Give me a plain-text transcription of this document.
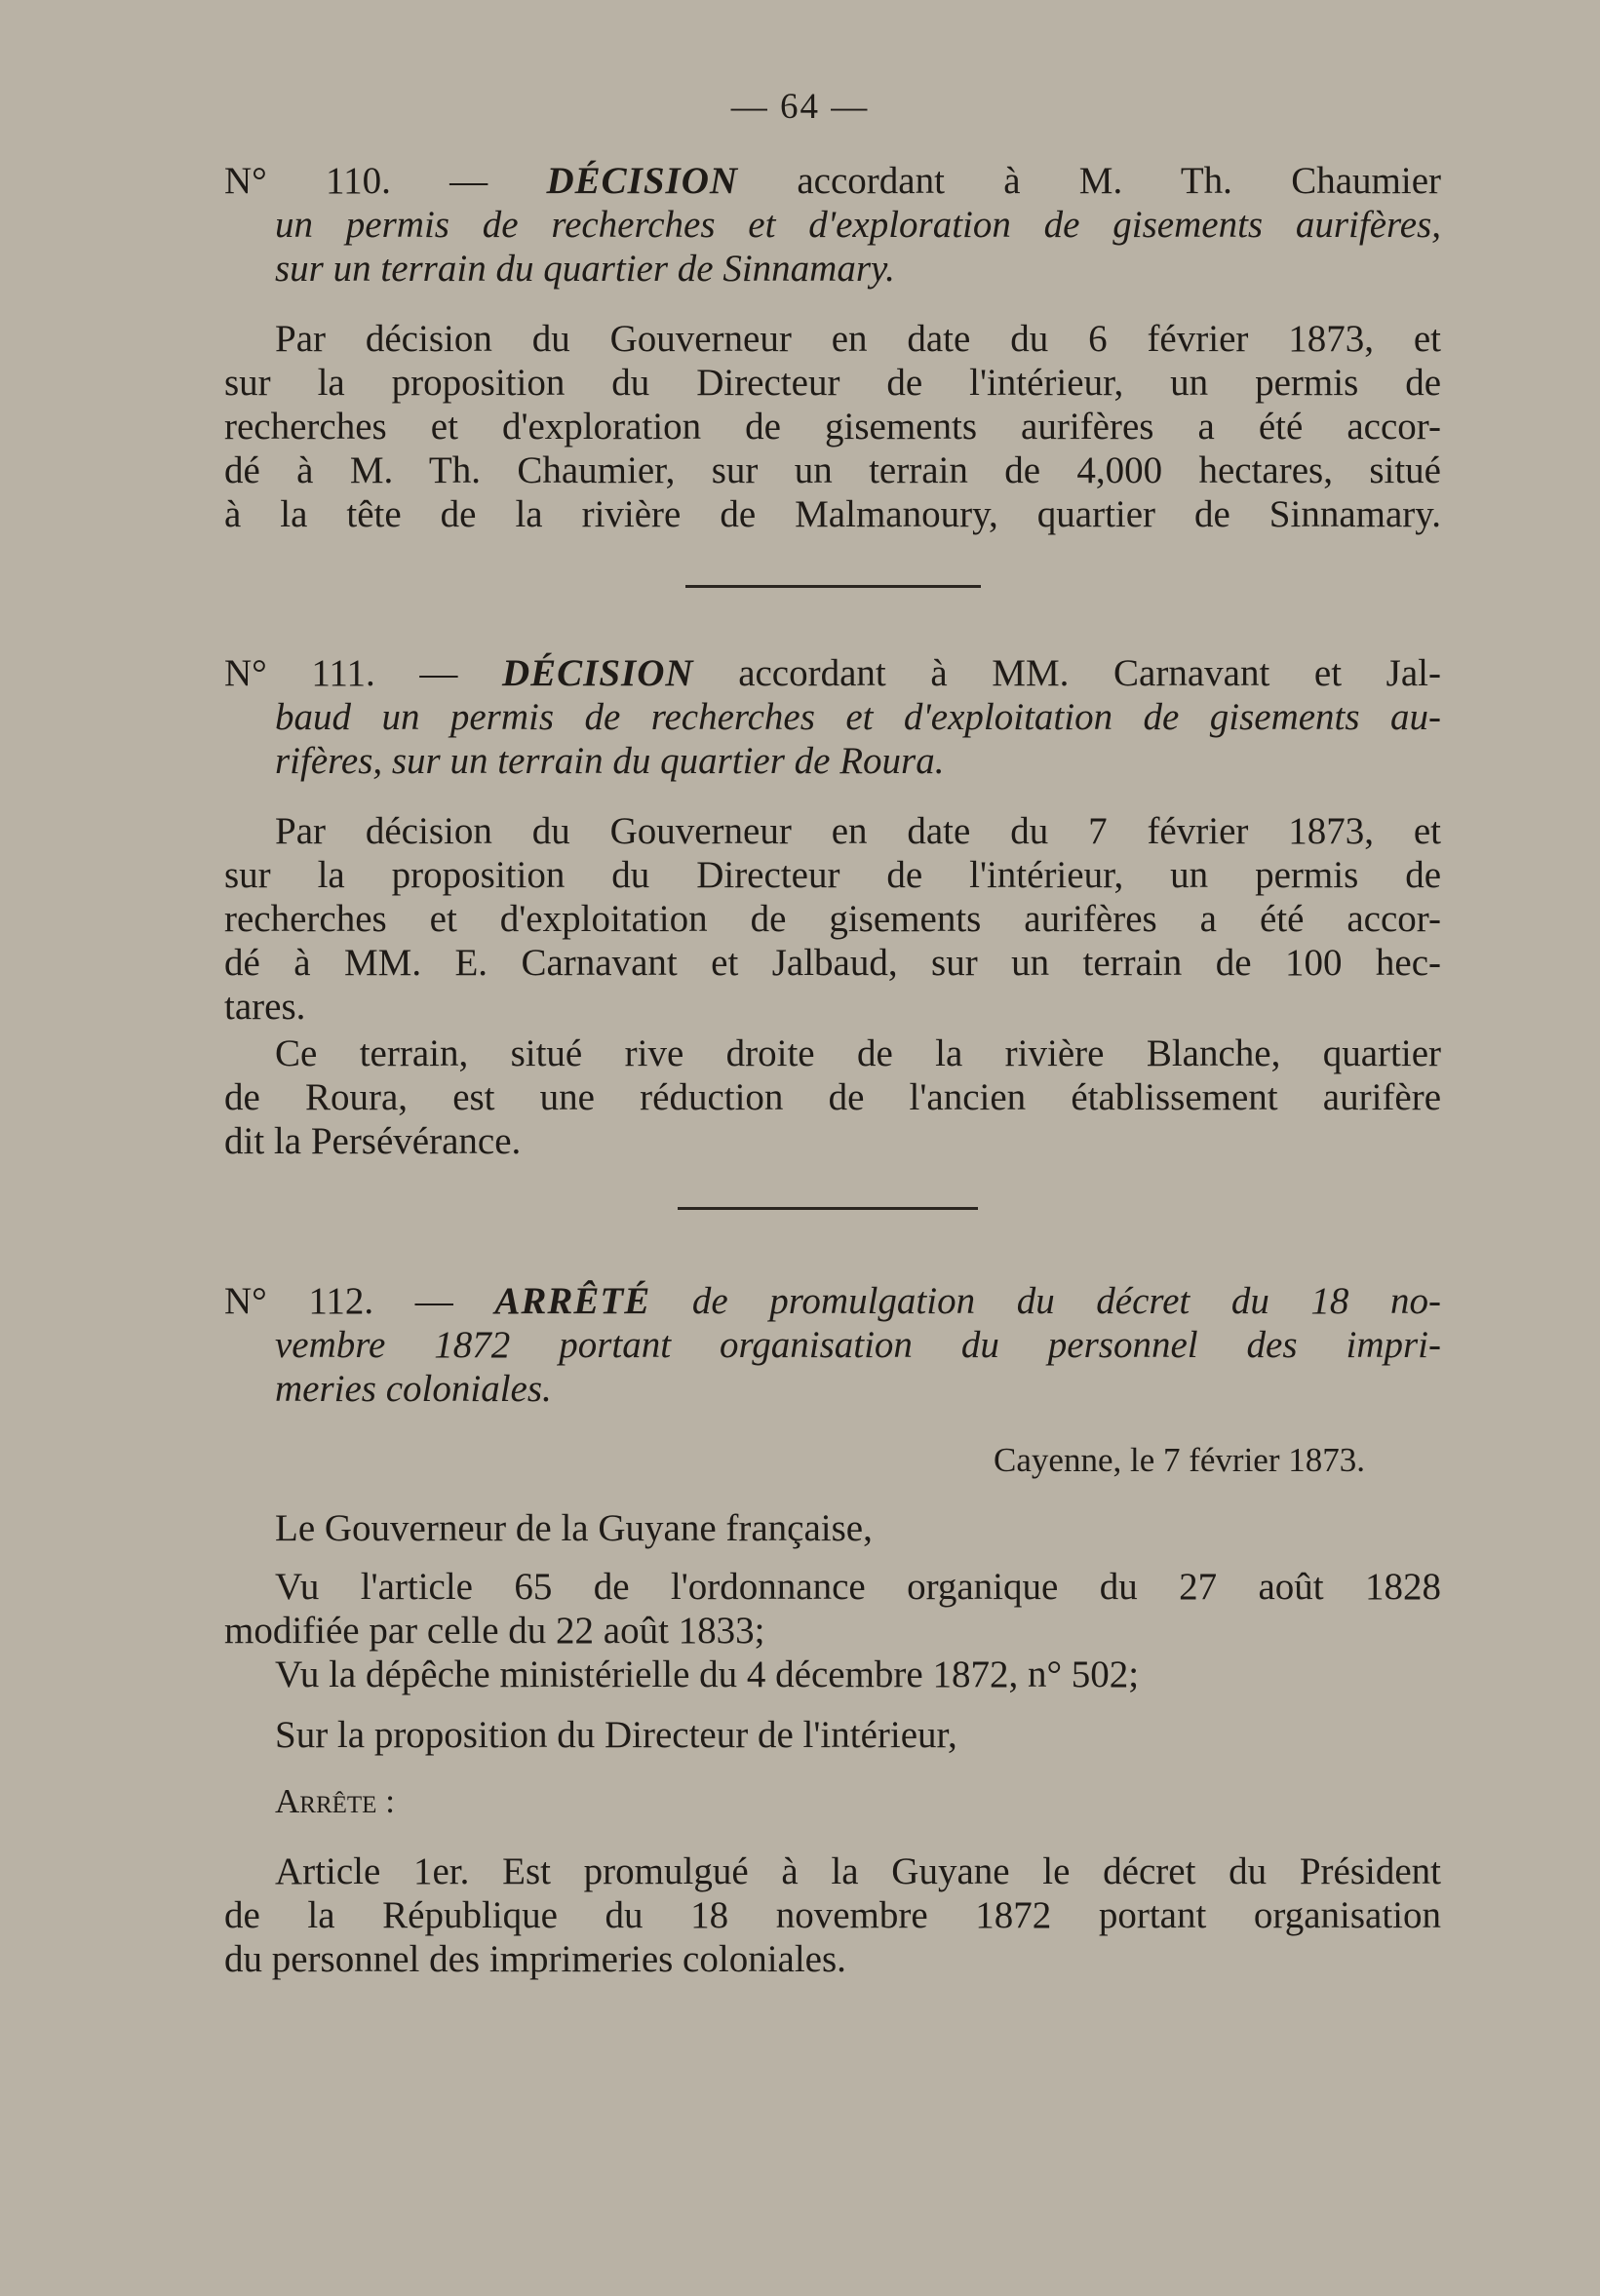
— 64 —
N° 110. — DÉCISION accordant à M. Th. Chaumier
un permis de recherches et d'exploration de gisements aurifères,
sur un terrain du quartier de Sinnamary.
Par décision du Gouverneur en date du 6 février 1873, et
sur la proposition du Directeur de l'intérieur, un permis de
recherches et d'exploration de gisements aurifères a été accor-
dé à M. Th. Chaumier, sur un terrain de 4,000 hectares, situé
à la tête de la rivière de Malmanoury, quartier de Sinnamary.
N° 111. — DÉCISION accordant à MM. Carnavant et Jal-
baud un permis de recherches et d'exploitation de gisements au-
rifères, sur un terrain du quartier de Roura.
Par décision du Gouverneur en date du 7 février 1873, et
sur la proposition du Directeur de l'intérieur, un permis de
recherches et d'exploitation de gisements aurifères a été accor-
dé à MM. E. Carnavant et Jalbaud, sur un terrain de 100 hec-
tares.
Ce terrain, situé rive droite de la rivière Blanche, quartier
de Roura, est une réduction de l'ancien établissement aurifère
dit la Persévérance.
N° 112. — ARRÊTÉ de promulgation du décret du 18 no-
vembre 1872 portant organisation du personnel des impri-
meries coloniales.
Cayenne, le 7 février 1873.
Le Gouverneur de la Guyane française,
Vu l'article 65 de l'ordonnance organique du 27 août 1828
modifiée par celle du 22 août 1833;
Vu la dépêche ministérielle du 4 décembre 1872, n° 502;
Sur la proposition du Directeur de l'intérieur,
Arrête :
Article 1er. Est promulgué à la Guyane le décret du Président
de la République du 18 novembre 1872 portant organisation
du personnel des imprimeries coloniales.
